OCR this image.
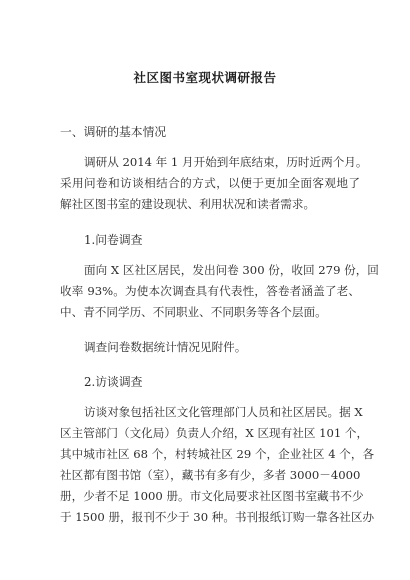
社区图书室现状调研报告
一、调研的基本情况
调研从 2014 年 1 月开始到年底结束，历时近两个月。
采用问卷和访谈相结合的方式，以便于更加全面客观地了
解社区图书室的建设现状、利用状况和读者需求。
1.问卷调查
面向 X 区社区居民，发出问卷 300 份，收回 279 份，回
收率 93%。为使本次调查具有代表性，答卷者涵盖了老、
中、青不同学历、不同职业、不同职务等各个层面。
调查问卷数据统计情况见附件。
2.访谈调查
访谈对象包括社区文化管理部门人员和社区居民。据 X
区主管部门（文化局）负责人介绍，X 区现有社区 101 个，
其中城市社区 68 个，村转城社区 29 个，企业社区 4 个，各
社区都有图书馆（室），藏书有多有少，多者 3000－4000
册，少者不足 1000 册。市文化局要求社区图书室藏书不少
于 1500 册，报刊不少于 30 种。书刊报纸订购一靠各社区办
